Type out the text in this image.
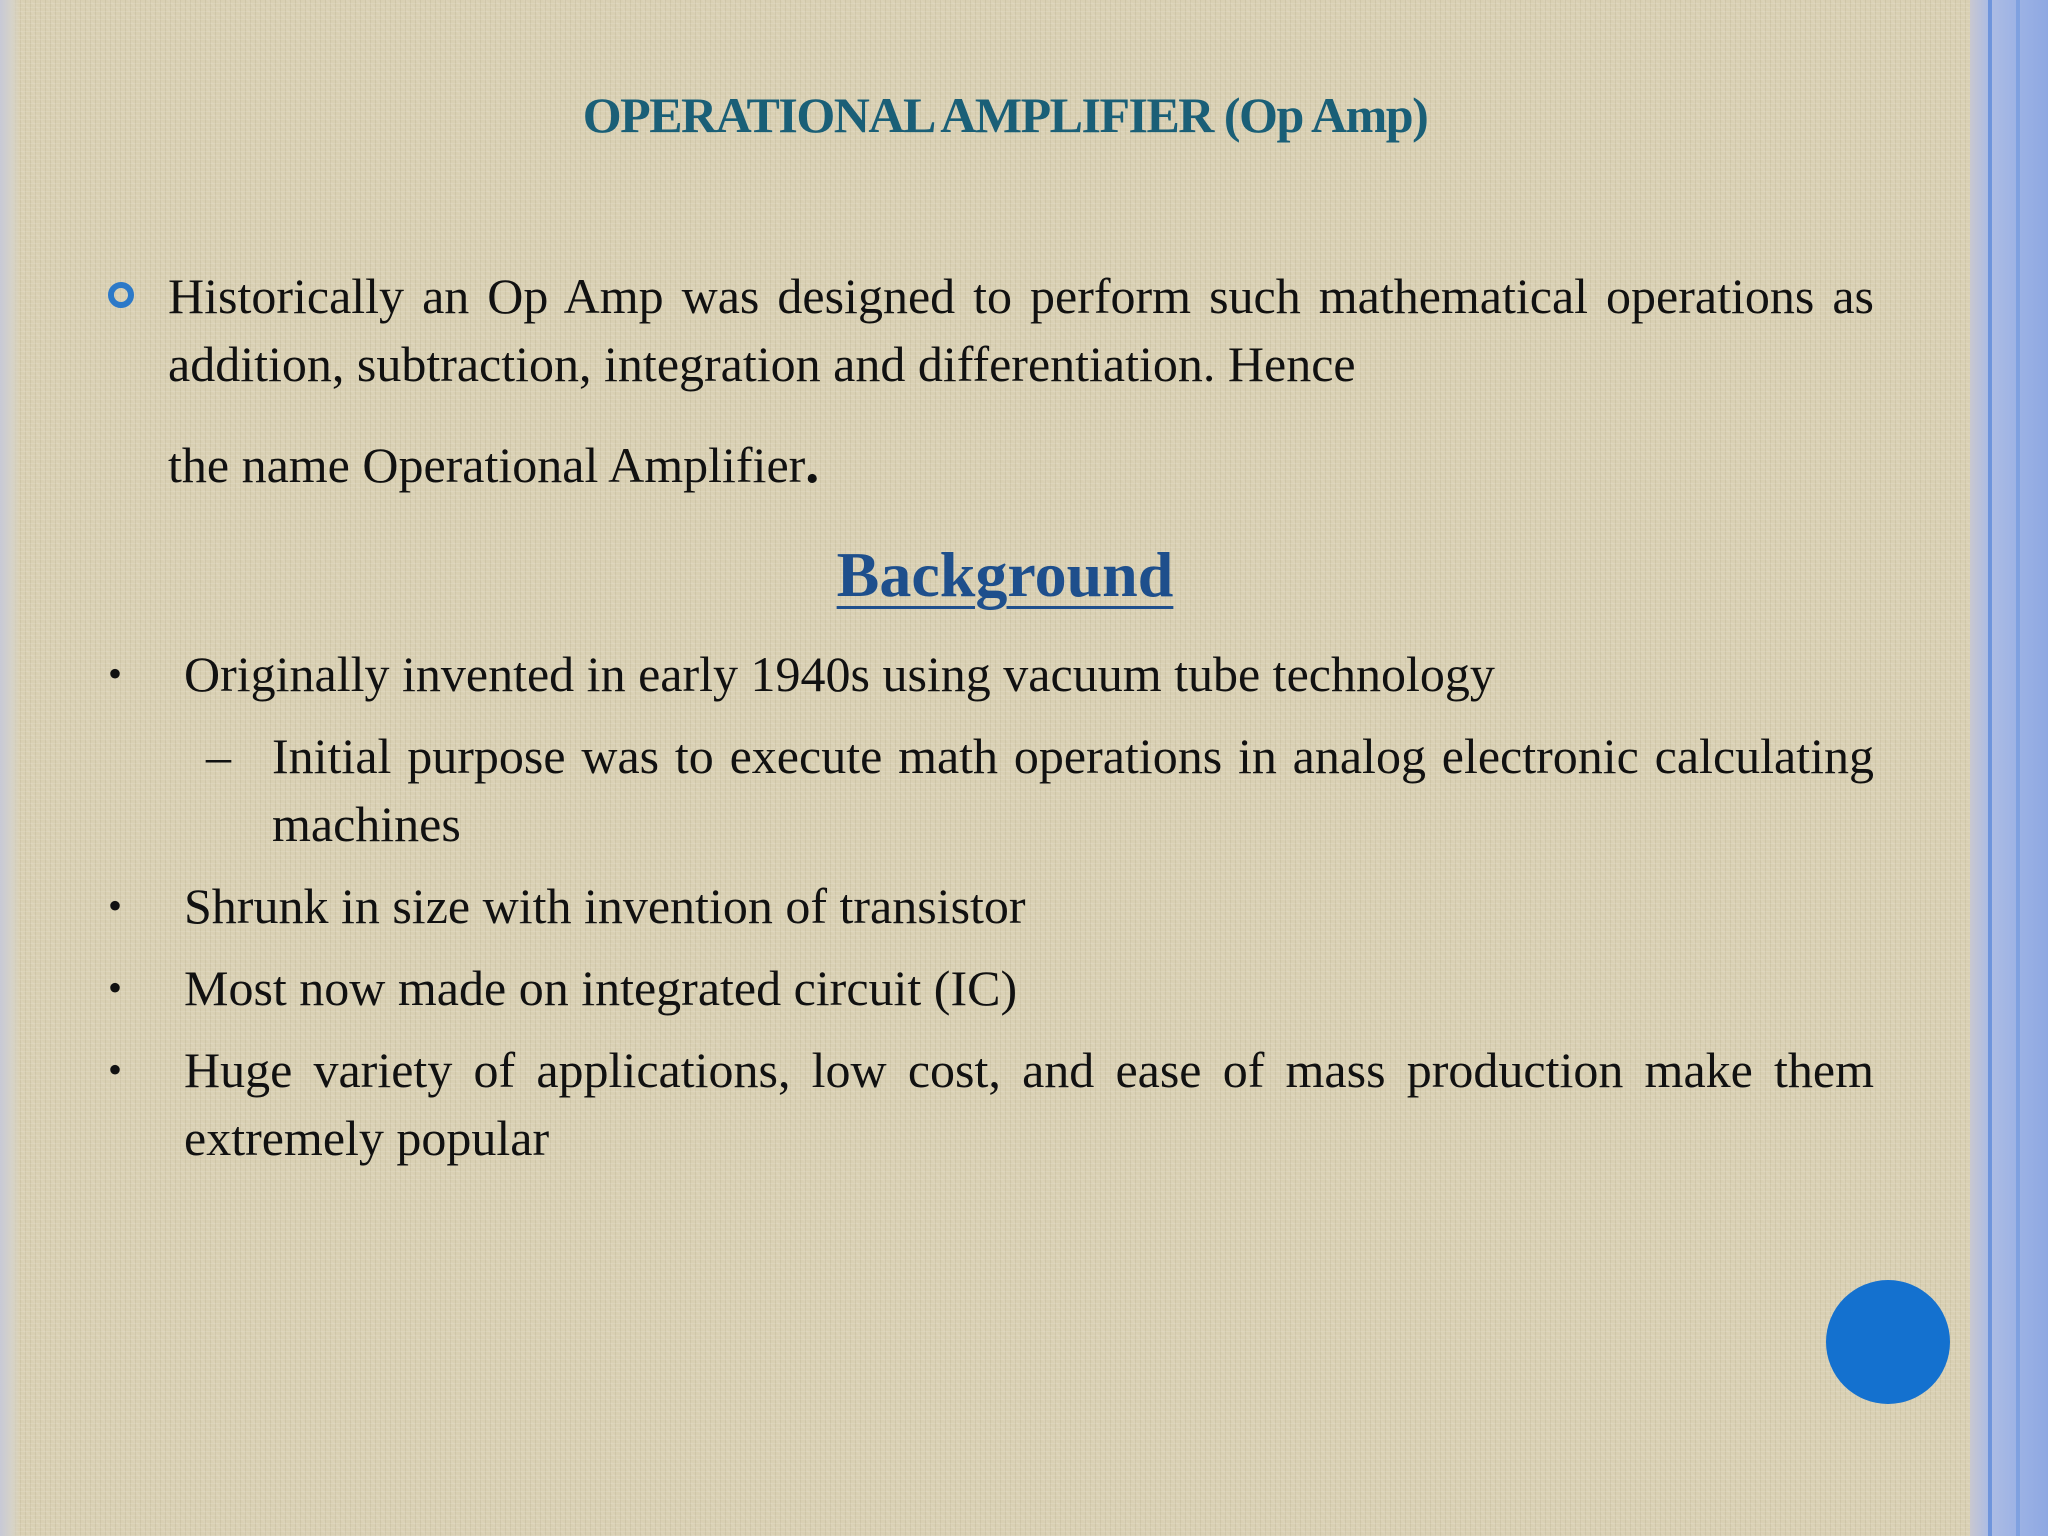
OPERATIONAL AMPLIFIER (Op Amp)

Historically an Op Amp was designed to perform such mathematical operations as addition, subtraction, integration and differentiation. Hence
the name Operational Amplifier.

Background
• Originally invented in early 1940s using vacuum tube technology
– Initial purpose was to execute math operations in analog electronic calculating machines
• Shrunk in size with invention of transistor
• Most now made on integrated circuit (IC)
• Huge variety of applications, low cost, and ease of mass production make them extremely popular
